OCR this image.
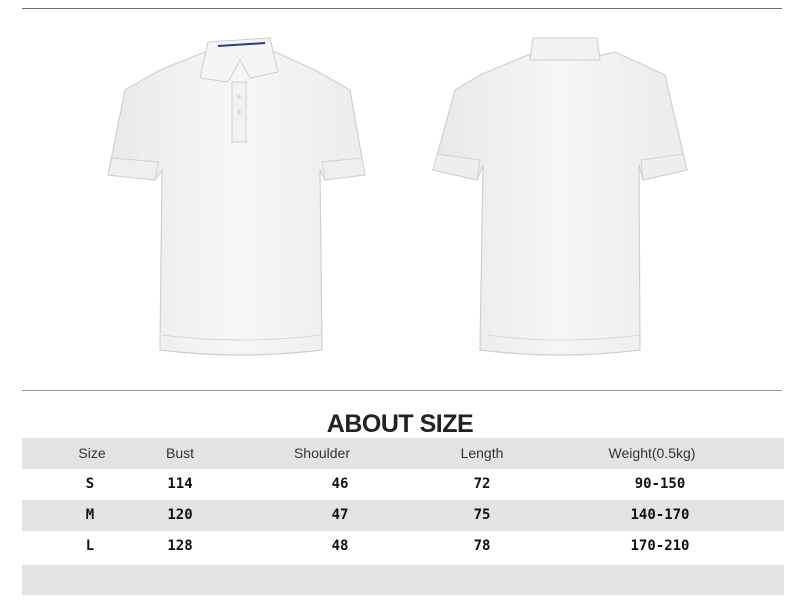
ABOUT SIZE
Size	Bust	Shoulder	Length	Weight(0.5kg)
S	114	46	72	90-150
M	120	47	75	140-170
L	128	48	78	170-210
